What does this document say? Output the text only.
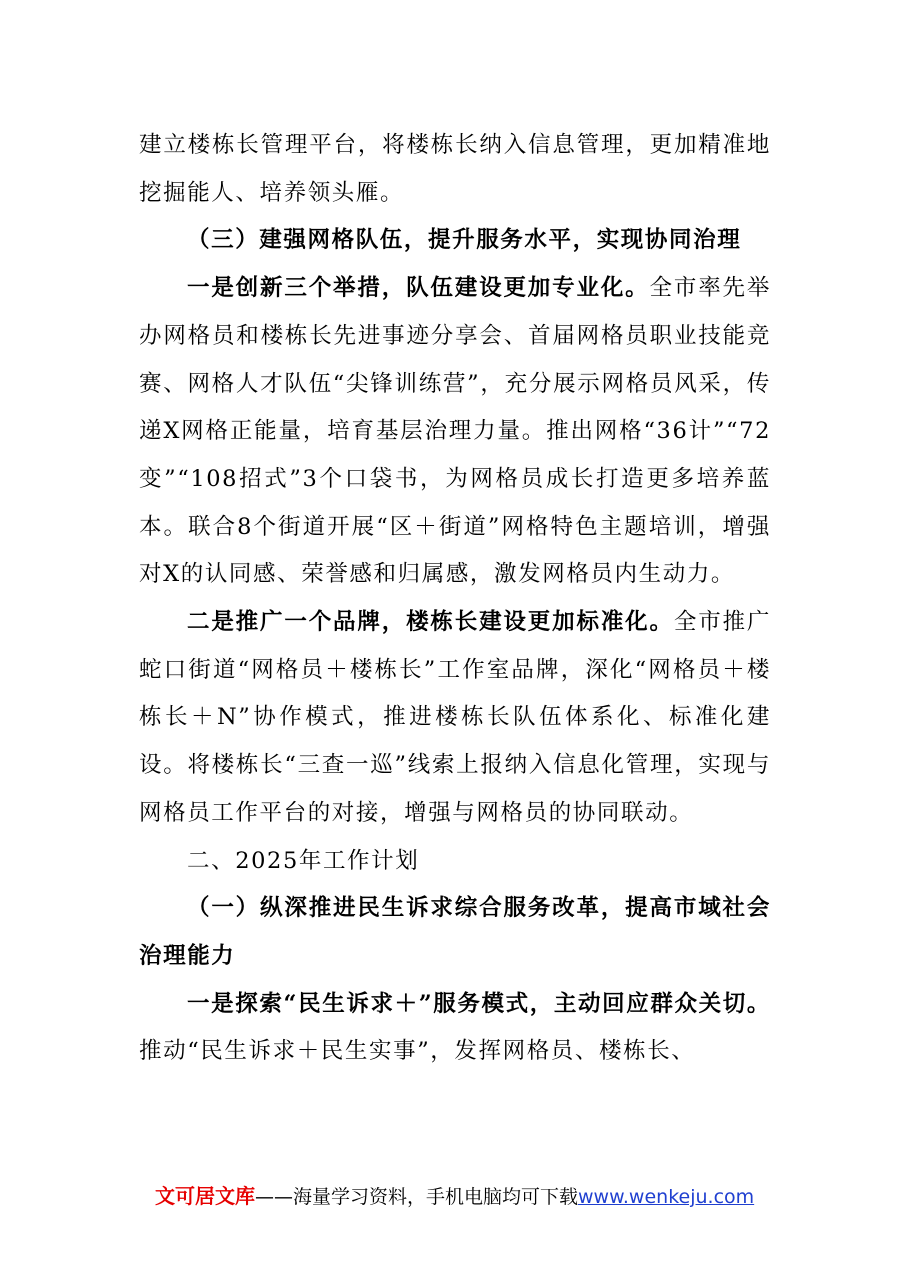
建立楼栋长管理平台，将楼栋长纳入信息管理，更加精准地挖掘能人、培养领头雁。

（三）建强网格队伍，提升服务水平，实现协同治理

一是创新三个举措，队伍建设更加专业化。全市率先举办网格员和楼栋长先进事迹分享会、首届网格员职业技能竞赛、网格人才队伍“尖锋训练营”，充分展示网格员风采，传递X网格正能量，培育基层治理力量。推出网格“36计”“72变”“108招式”3个口袋书，为网格员成长打造更多培养蓝本。联合8个街道开展“区＋街道”网格特色主题培训，增强对X的认同感、荣誉感和归属感，激发网格员内生动力。

二是推广一个品牌，楼栋长建设更加标准化。全市推广蛇口街道“网格员＋楼栋长”工作室品牌，深化“网格员＋楼栋长＋N”协作模式，推进楼栋长队伍体系化、标准化建设。将楼栋长“三查一巡”线索上报纳入信息化管理，实现与网格员工作平台的对接，增强与网格员的协同联动。

二、2025年工作计划

（一）纵深推进民生诉求综合服务改革，提高市域社会治理能力

一是探索“民生诉求＋”服务模式，主动回应群众关切。推动“民生诉求＋民生实事”，发挥网格员、楼栋长、

文可居文库——海量学习资料，手机电脑均可下载www.wenkeju.com
